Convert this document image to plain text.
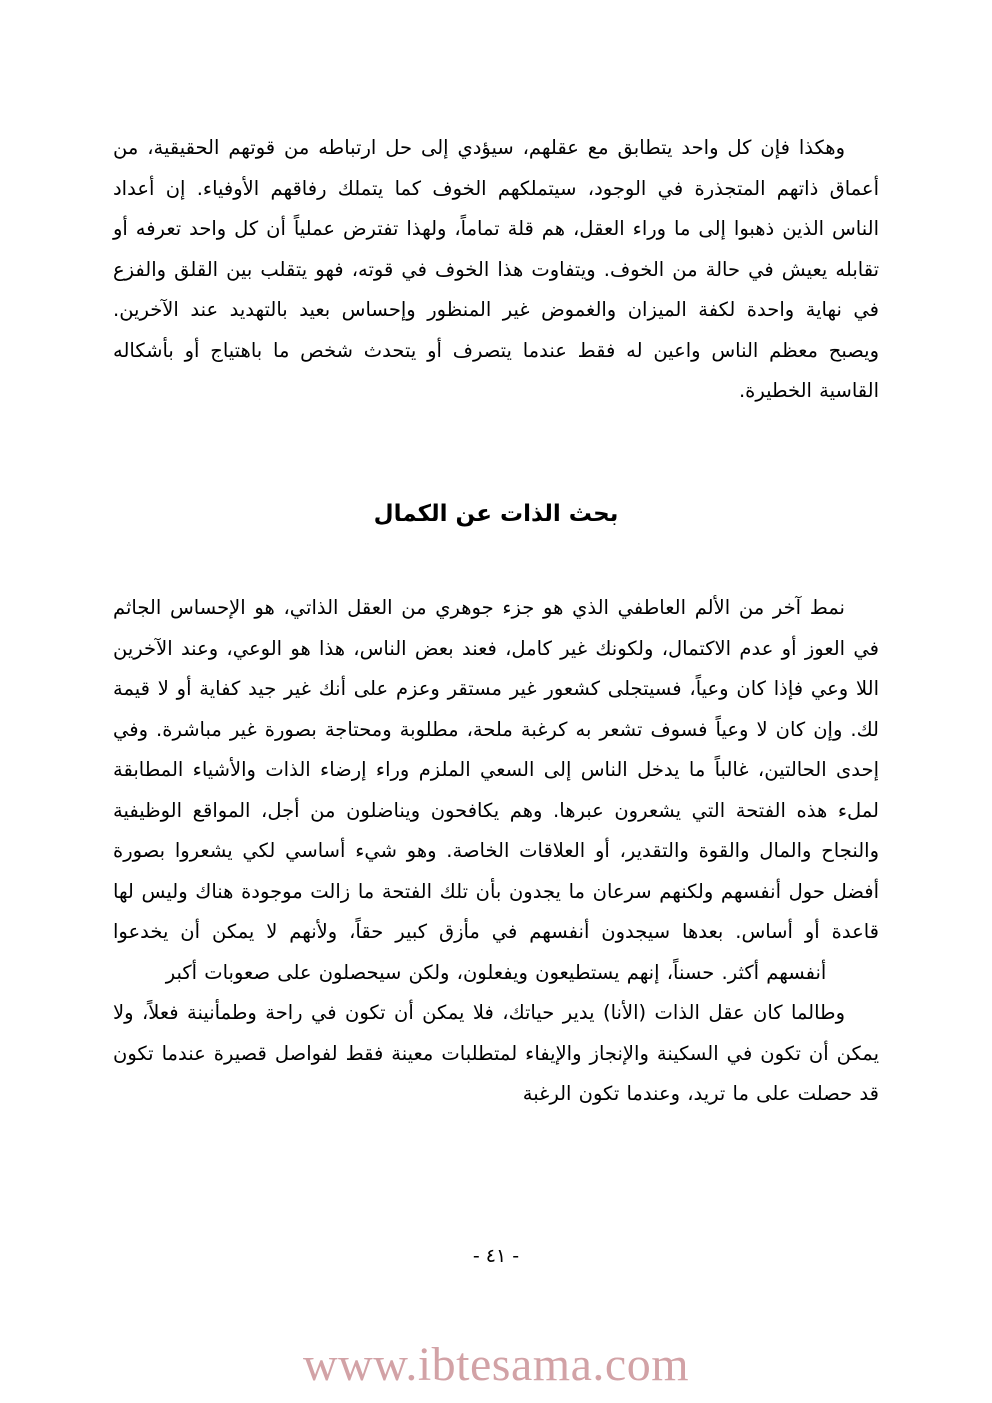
وهكذا فإن كل واحد يتطابق مع عقلهم، سيؤدي إلى حل ارتباطه من قوتهم الحقيقية، من أعماق ذاتهم المتجذرة في الوجود، سيتملكهم الخوف كما يتملك رفاقهم الأوفياء. إن أعداد الناس الذين ذهبوا إلى ما وراء العقل، هم قلة تماماً، ولهذا تفترض عملياً أن كل واحد تعرفه أو تقابله يعيش في حالة من الخوف. ويتفاوت هذا الخوف في قوته، فهو يتقلب بين القلق والفزع في نهاية واحدة لكفة الميزان والغموض غير المنظور وإحساس بعيد بالتهديد عند الآخرين. ويصبح معظم الناس واعين له فقط عندما يتصرف أو يتحدث شخص ما باهتياج أو بأشكاله القاسية الخطيرة.

بحث الذات عن الكمال

نمط آخر من الألم العاطفي الذي هو جزء جوهري من العقل الذاتي، هو الإحساس الجاثم في العوز أو عدم الاكتمال، ولكونك غير كامل، فعند بعض الناس، هذا هو الوعي، وعند الآخرين اللا وعي فإذا كان وعياً، فسيتجلى كشعور غير مستقر وعزم على أنك غير جيد كفاية أو لا قيمة لك. وإن كان لا وعياً فسوف تشعر به كرغبة ملحة، مطلوبة ومحتاجة بصورة غير مباشرة. وفي إحدى الحالتين، غالباً ما يدخل الناس إلى السعي الملزم وراء إرضاء الذات والأشياء المطابقة لملء هذه الفتحة التي يشعرون عبرها. وهم يكافحون ويناضلون من أجل، المواقع الوظيفية والنجاح والمال والقوة والتقدير، أو العلاقات الخاصة. وهو شيء أساسي لكي يشعروا بصورة أفضل حول أنفسهم ولكنهم سرعان ما يجدون بأن تلك الفتحة ما زالت موجودة هناك وليس لها قاعدة أو أساس. بعدها سيجدون أنفسهم في مأزق كبير حقاً، ولأنهم لا يمكن أن يخدعوا أنفسهم أكثر. حسناً، إنهم يستطيعون ويفعلون، ولكن سيحصلون على صعوبات أكبر

وطالما كان عقل الذات (الأنا) يدير حياتك، فلا يمكن أن تكون في راحة وطمأنينة فعلاً، ولا يمكن أن تكون في السكينة والإنجاز والإيفاء لمتطلبات معينة فقط لفواصل قصيرة عندما تكون قد حصلت على ما تريد، وعندما تكون الرغبة

- ٤١ -
www.ibtesama.com
